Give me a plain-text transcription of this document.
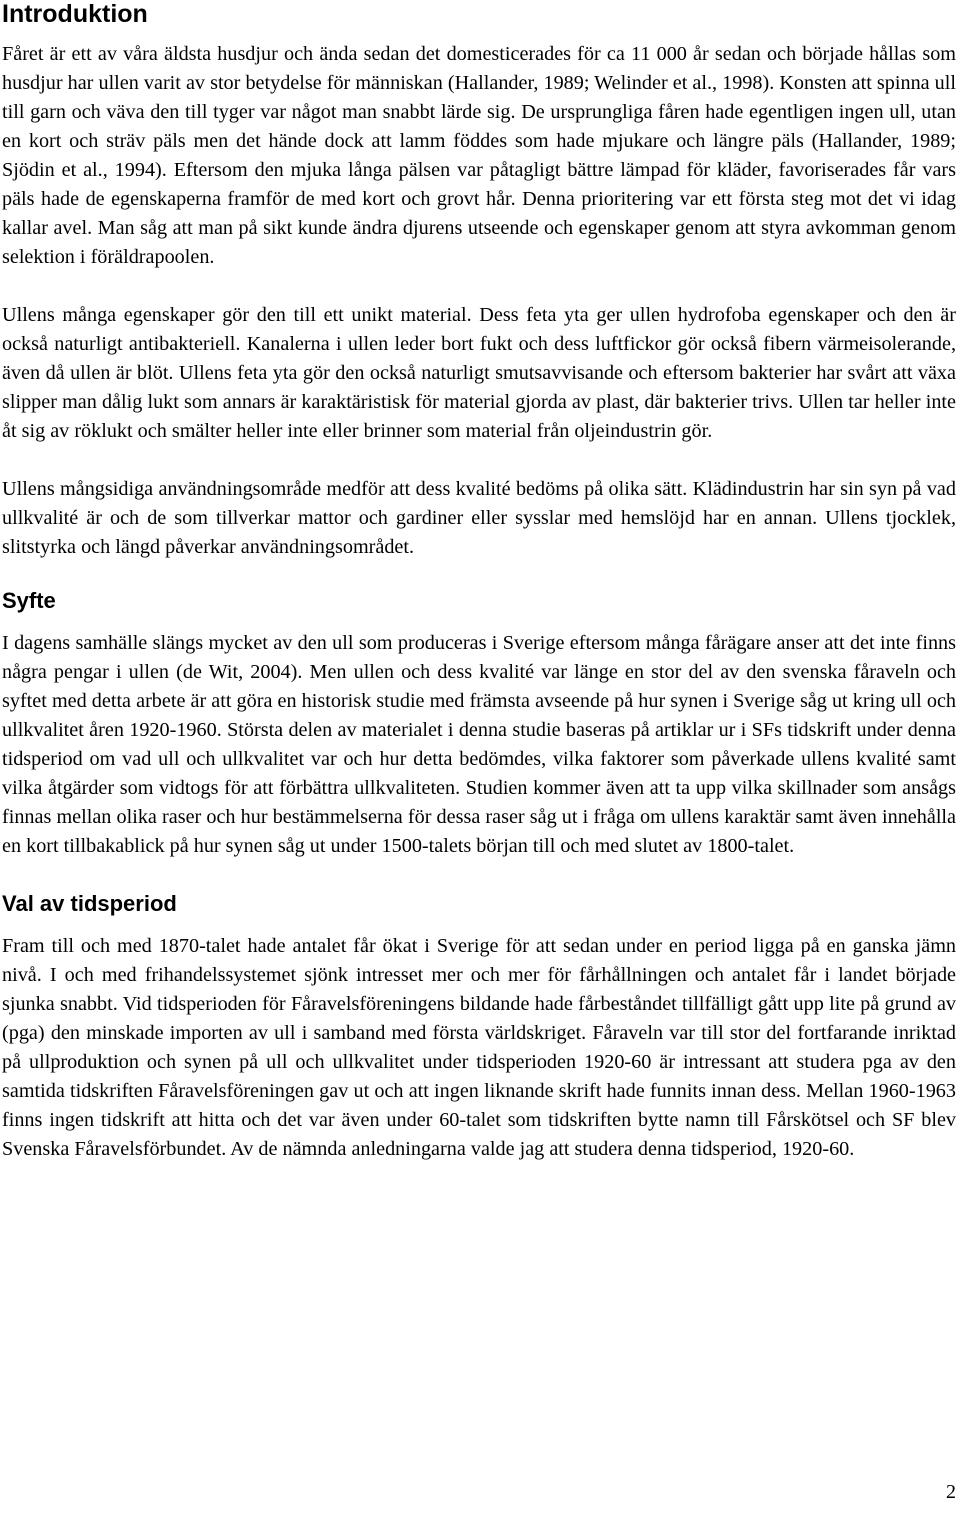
Introduktion

Fåret är ett av våra äldsta husdjur och ända sedan det domesticerades för ca 11 000 år sedan och började hållas som husdjur har ullen varit av stor betydelse för människan (Hallander, 1989; Welinder et al., 1998). Konsten att spinna ull till garn och väva den till tyger var något man snabbt lärde sig. De ursprungliga fåren hade egentligen ingen ull, utan en kort och sträv päls men det hände dock att lamm föddes som hade mjukare och längre päls (Hallander, 1989; Sjödin et al., 1994). Eftersom den mjuka långa pälsen var påtagligt bättre lämpad för kläder, favoriserades får vars päls hade de egenskaperna framför de med kort och grovt hår. Denna prioritering var ett första steg mot det vi idag kallar avel. Man såg att man på sikt kunde ändra djurens utseende och egenskaper genom att styra avkomman genom selektion i föräldrapoolen.

Ullens många egenskaper gör den till ett unikt material. Dess feta yta ger ullen hydrofoba egenskaper och den är också naturligt antibakteriell. Kanalerna i ullen leder bort fukt och dess luftfickor gör också fibern värmeisolerande, även då ullen är blöt. Ullens feta yta gör den också naturligt smutsavvisande och eftersom bakterier har svårt att växa slipper man dålig lukt som annars är karaktäristisk för material gjorda av plast, där bakterier trivs. Ullen tar heller inte åt sig av röklukt och smälter heller inte eller brinner som material från oljeindustrin gör.

Ullens mångsidiga användningsområde medför att dess kvalité bedöms på olika sätt. Klädindustrin har sin syn på vad ullkvalité är och de som tillverkar mattor och gardiner eller sysslar med hemslöjd har en annan. Ullens tjocklek, slitstyrka och längd påverkar användningsområdet.

Syfte

I dagens samhälle slängs mycket av den ull som produceras i Sverige eftersom många fårägare anser att det inte finns några pengar i ullen (de Wit, 2004). Men ullen och dess kvalité var länge en stor del av den svenska fåraveln och syftet med detta arbete är att göra en historisk studie med främsta avseende på hur synen i Sverige såg ut kring ull och ullkvalitet åren 1920-1960. Största delen av materialet i denna studie baseras på artiklar ur i SFs tidskrift under denna tidsperiod om vad ull och ullkvalitet var och hur detta bedömdes, vilka faktorer som påverkade ullens kvalité samt vilka åtgärder som vidtogs för att förbättra ullkvaliteten. Studien kommer även att ta upp vilka skillnader som ansågs finnas mellan olika raser och hur bestämmelserna för dessa raser såg ut i fråga om ullens karaktär samt även innehålla en kort tillbakablick på hur synen såg ut under 1500-talets början till och med slutet av 1800-talet.

Val av tidsperiod

Fram till och med 1870-talet hade antalet får ökat i Sverige för att sedan under en period ligga på en ganska jämn nivå. I och med frihandelssystemet sjönk intresset mer och mer för fårhållningen och antalet får i landet började sjunka snabbt. Vid tidsperioden för Fåravelsföreningens bildande hade fårbeståndet tillfälligt gått upp lite på grund av (pga) den minskade importen av ull i samband med första världskriget. Fåraveln var till stor del fortfarande inriktad på ullproduktion och synen på ull och ullkvalitet under tidsperioden 1920-60 är intressant att studera pga av den samtida tidskriften Fåravelsföreningen gav ut och att ingen liknande skrift hade funnits innan dess. Mellan 1960-1963 finns ingen tidskrift att hitta och det var även under 60-talet som tidskriften bytte namn till Fårskötsel och SF blev Svenska Fåravelsförbundet. Av de nämnda anledningarna valde jag att studera denna tidsperiod, 1920-60.

2
